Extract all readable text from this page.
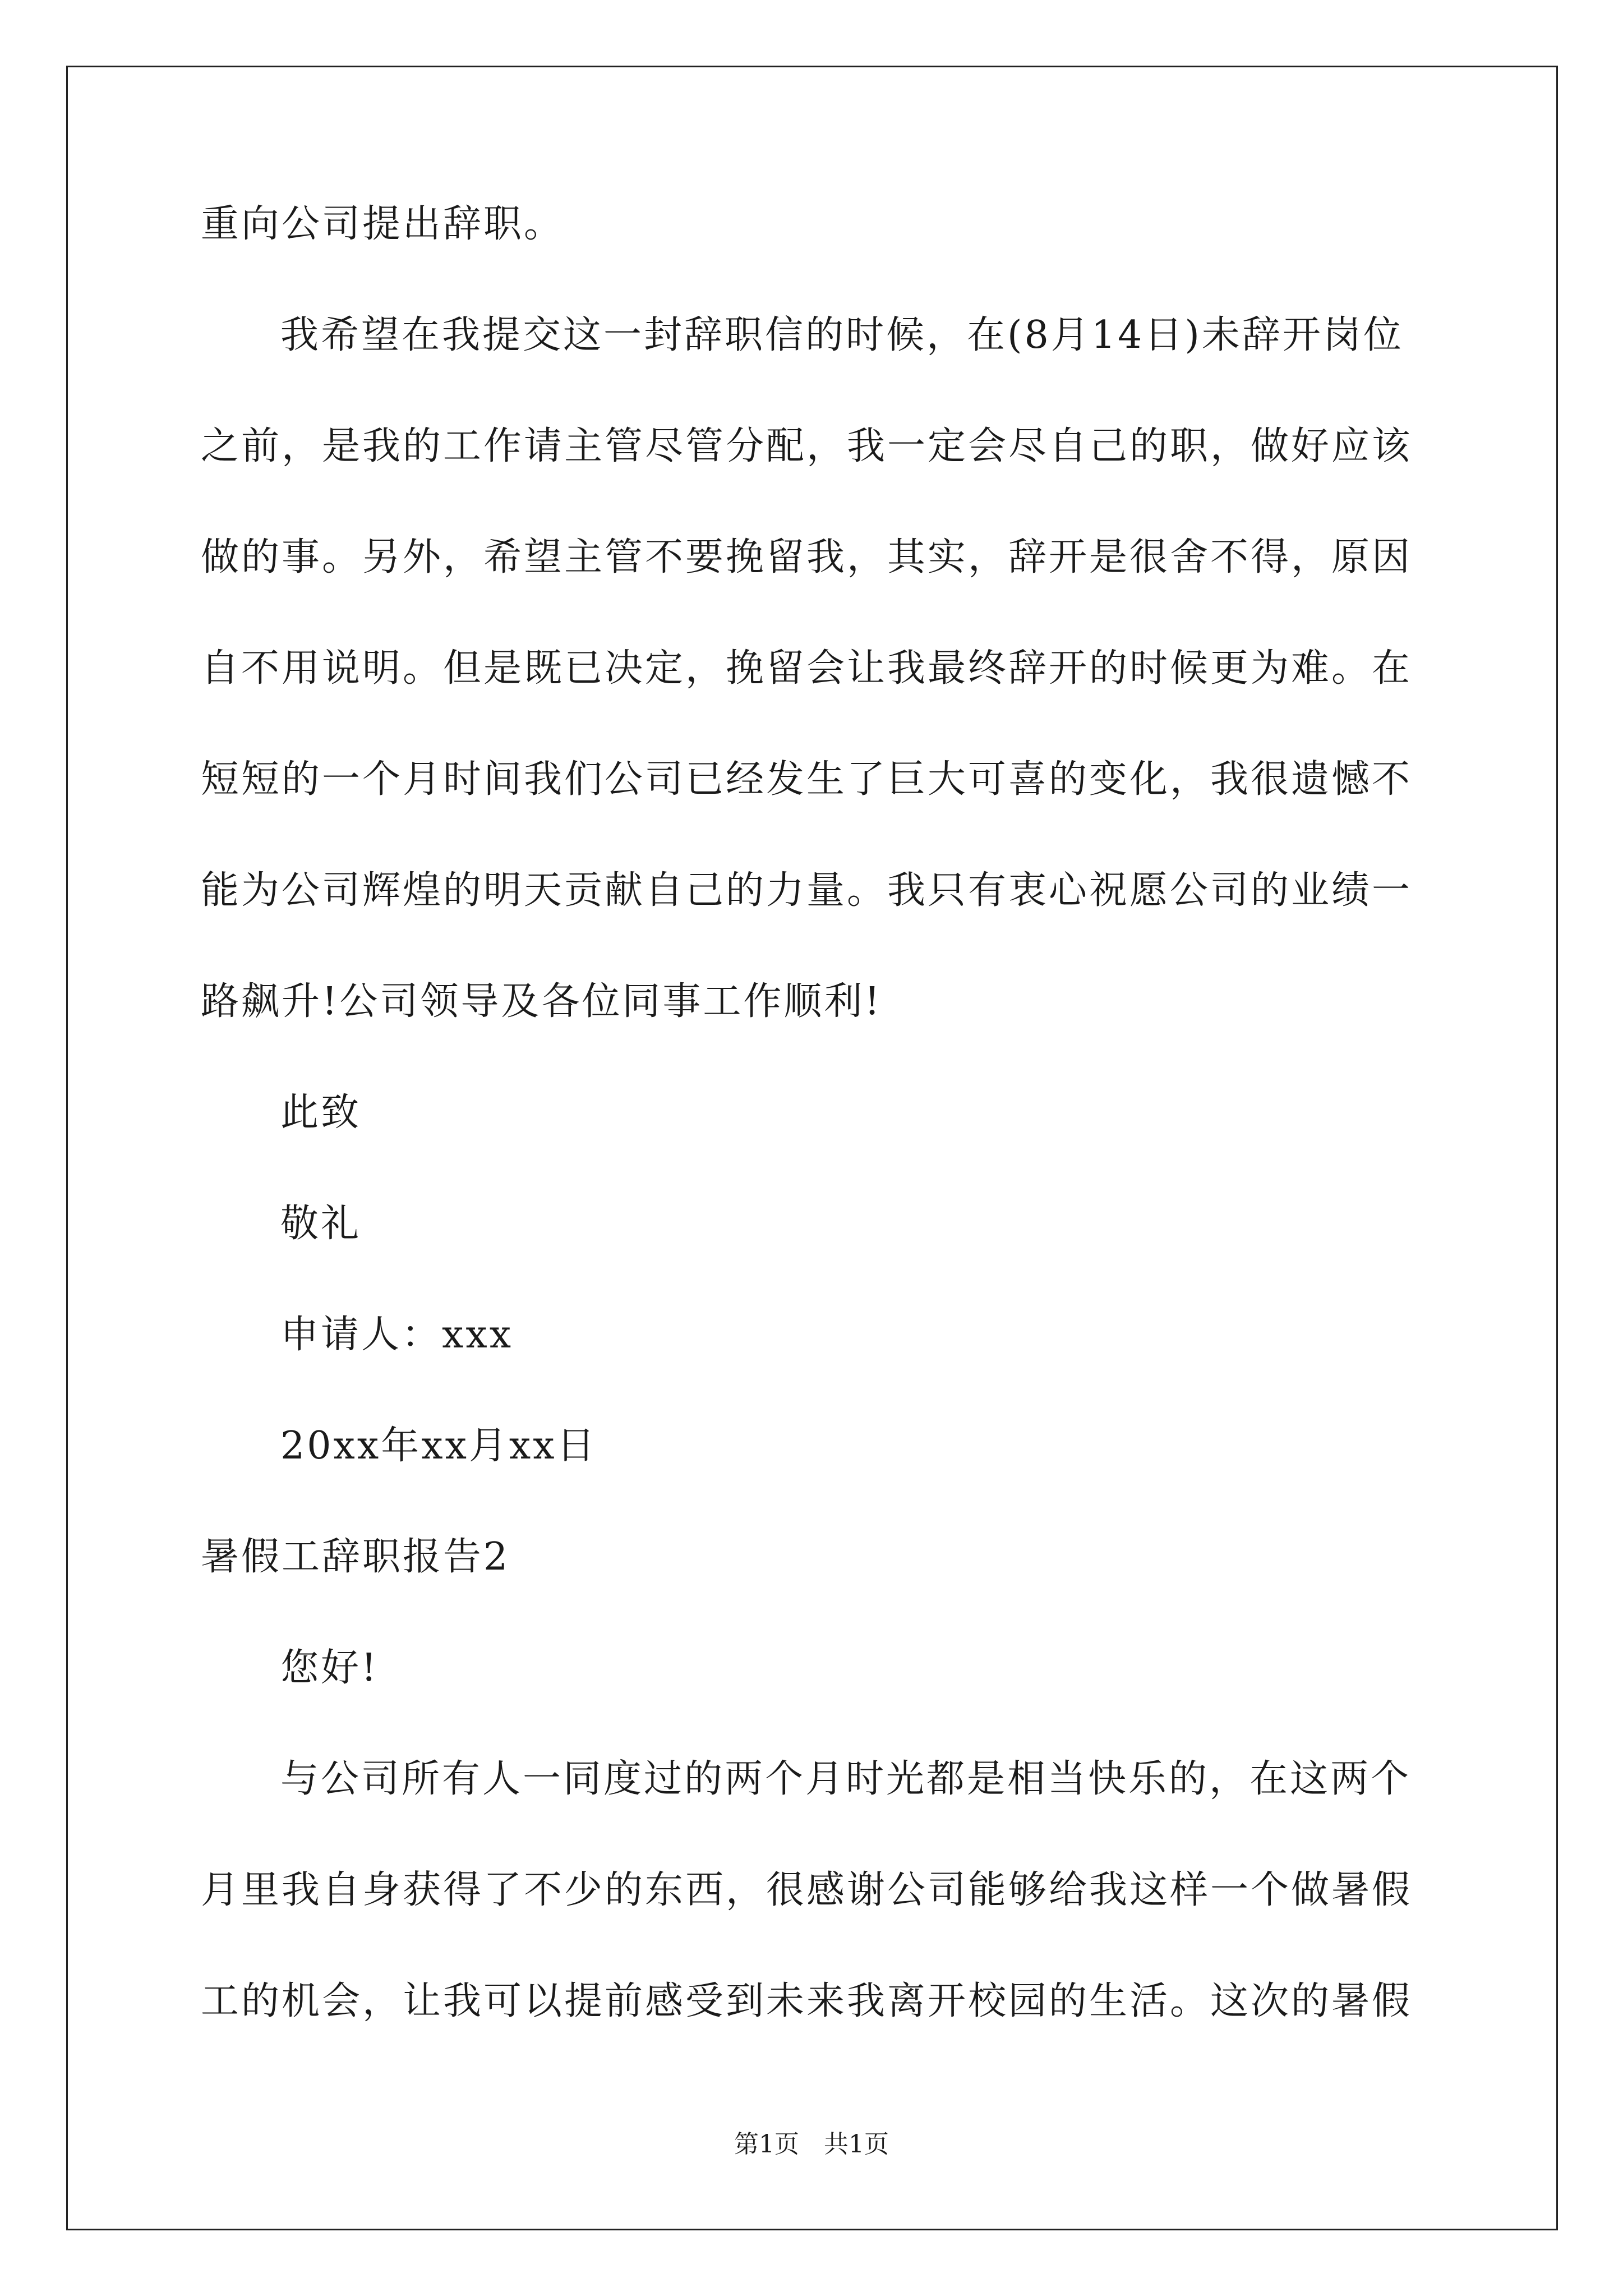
重向公司提出辞职。
我希望在我提交这一封辞职信的时候，在(8月14日)未辞开岗位
之前，是我的工作请主管尽管分配，我一定会尽自己的职，做好应该
做的事。另外，希望主管不要挽留我，其实，辞开是很舍不得，原因
自不用说明。但是既已决定，挽留会让我最终辞开的时候更为难。在
短短的一个月时间我们公司已经发生了巨大可喜的变化，我很遗憾不
能为公司辉煌的明天贡献自己的力量。我只有衷心祝愿公司的业绩一
路飙升!公司领导及各位同事工作顺利!
此致
敬礼
申请人：xxx
20xx年xx月xx日
暑假工辞职报告2
您好!
与公司所有人一同度过的两个月时光都是相当快乐的，在这两个
月里我自身获得了不少的东西，很感谢公司能够给我这样一个做暑假
工的机会，让我可以提前感受到未来我离开校园的生活。这次的暑假
第1页　共1页
